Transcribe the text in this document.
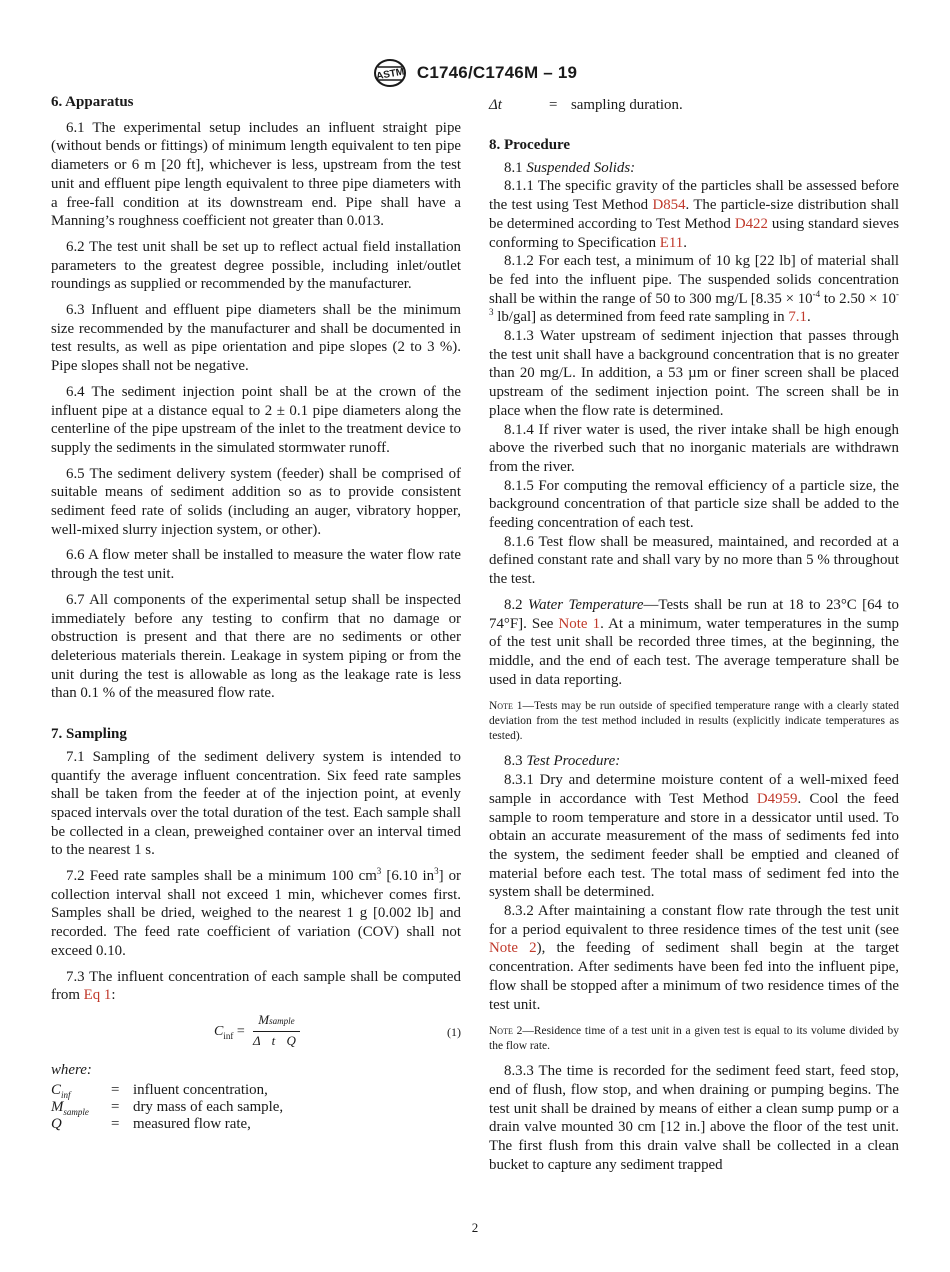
ASTM C1746/C1746M – 19
6. Apparatus

6.1 The experimental setup includes an influent straight pipe (without bends or fittings) of minimum length equivalent to ten pipe diameters or 6 m [20 ft], whichever is less, upstream from the test unit and effluent pipe length equivalent to three pipe diameters with a free-fall condition at its downstream end. Pipe shall have a Manning’s roughness coefficient not greater than 0.013.

6.2 The test unit shall be set up to reflect actual field installation parameters to the greatest degree possible, including inlet/outlet roundings as supplied or recommended by the manufacturer.

6.3 Influent and effluent pipe diameters shall be the minimum size recommended by the manufacturer and shall be documented in test results, as well as pipe orientation and pipe slopes (2 to 3 %). Pipe slopes shall not be negative.

6.4 The sediment injection point shall be at the crown of the influent pipe at a distance equal to 2 ± 0.1 pipe diameters along the centerline of the pipe upstream of the inlet to the treatment device to supply the sediments in the simulated stormwater runoff.

6.5 The sediment delivery system (feeder) shall be comprised of suitable means of sediment addition so as to provide consistent sediment feed rate of solids (including an auger, vibratory hopper, well-mixed slurry injection system, or other).

6.6 A flow meter shall be installed to measure the water flow rate through the test unit.

6.7 All components of the experimental setup shall be inspected immediately before any testing to confirm that no damage or obstruction is present and that there are no sediments or other deleterious materials therein. Leakage in system piping or from the unit during the test is allowable as long as the leakage rate is less than 0.1 % of the measured flow rate.

7. Sampling

7.1 Sampling of the sediment delivery system is intended to quantify the average influent concentration. Six feed rate samples shall be taken from the feeder at of the injection point, at evenly spaced intervals over the total duration of the test. Each sample shall be collected in a clean, preweighed container over an interval timed to the nearest 1 s.

7.2 Feed rate samples shall be a minimum 100 $cm^3$ [6.10 $in^3$] or collection interval shall not exceed 1 min, whichever comes first. Samples shall be dried, weighed to the nearest 1 g [0.002 lb] and recorded. The feed rate coefficient of variation (COV) shall not exceed 0.10.

7.3 The influent concentration of each sample shall be computed from Eq 1:

$C_{inf}$ =
Msample
Δ t Q
(1)
where:
$C_{inf}$	=	influent concentration,
$M_{sample}$	=	dry mass of each sample,
Q	=	measured flow rate,
Δt	=	sampling duration.
8. Procedure

8.1 Suspended Solids:

8.1.1 The specific gravity of the particles shall be assessed before the test using Test Method D854. The particle-size distribution shall be determined according to Test Method D422 using standard sieves conforming to Specification E11.

8.1.2 For each test, a minimum of 10 kg [22 lb] of material shall be fed into the influent pipe. The suspended solids concentration shall be within the range of 50 to 300 mg/L [$8.35 \times 10^{-4}$ to $2.50 \times 10^{-3}$ lb/gal] as determined from feed rate sampling in 7.1.

8.1.3 Water upstream of sediment injection that passes through the test unit shall have a background concentration that is no greater than 20 mg/L. In addition, a 53 µm or finer screen shall be placed upstream of the sediment injection point. The screen shall be in place when the flow rate is determined.

8.1.4 If river water is used, the river intake shall be high enough above the riverbed such that no inorganic materials are withdrawn from the river.

8.1.5 For computing the removal efficiency of a particle size, the background concentration of that particle size shall be added to the feeding concentration of each test.

8.1.6 Test flow shall be measured, maintained, and recorded at a defined constant rate and shall vary by no more than 5 % throughout the test.

8.2 Water Temperature—Tests shall be run at 18 to 23°C [64 to 74°F]. See Note 1. At a minimum, water temperatures in the sump of the test unit shall be recorded three times, at the beginning, the middle, and the end of each test. The average temperature shall be used in data reporting.

Note 1—Tests may be run outside of specified temperature range with a clearly stated deviation from the test method included in results (explicitly indicate temperatures as tested).

8.3 Test Procedure:

8.3.1 Dry and determine moisture content of a well-mixed feed sample in accordance with Test Method D4959. Cool the feed sample to room temperature and store in a dessicator until used. To obtain an accurate measurement of the mass of sediments fed into the system, the sediment feeder shall be emptied and cleaned of material before each test. The total mass of sediment fed into the system shall be determined.

8.3.2 After maintaining a constant flow rate through the test unit for a period equivalent to three residence times of the test unit (see Note 2), the feeding of sediment shall begin at the target concentration. After sediments have been fed into the influent pipe, flow shall be stopped after a minimum of two residence times of the test unit.

Note 2—Residence time of a test unit in a given test is equal to its volume divided by the flow rate.

8.3.3 The time is recorded for the sediment feed start, feed stop, end of flush, flow stop, and when draining or pumping begins. The test unit shall be drained by means of either a clean sump pump or a drain valve mounted 30 cm [12 in.] above the floor of the test unit. The first flush from this drain valve shall be collected in a clean bucket to capture any sediment trapped

2
